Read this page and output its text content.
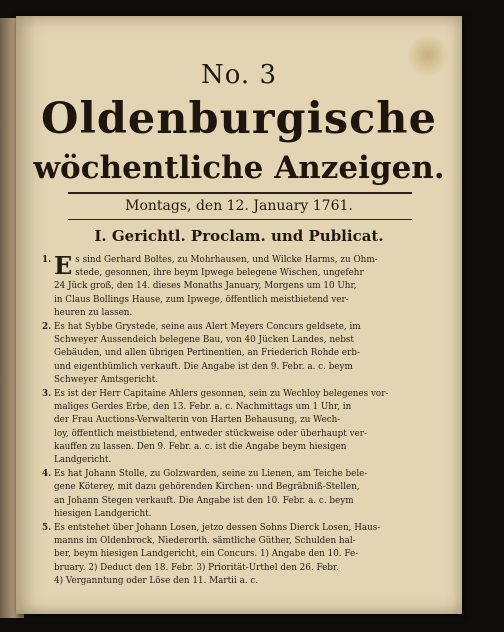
No. 3
Oldenburgische
wöchentliche Anzeigen.
Montags, den 12. January 1761.
I. Gerichtl. Proclam. und Publicat.
1. E s sind Gerhard Boltes, zu Mohrhausen, und Wilcke Harms, zu Ohm-
stede, gesonnen, ihre beym Ipwege belegene Wischen, ungefehr
24 Jück groß, den 14. dieses Monaths January, Morgens um 10 Uhr,
in Claus Bollings Hause, zum Ipwege, öffentlich meistbietend ver-
heuren zu lassen.
2. Es hat Sybbe Grystede, seine aus Alert Meyers Concurs geldsete, im
Schweyer Aussendeich belegene Bau, von 40 Jücken Landes, nebst
Gebäuden, und allen übrigen Pertinentien, an Friederich Rohde erb-
und eigenthümlich verkauft. Die Angabe ist den 9. Febr. a. c. beym
Schweyer Amtsgericht.
3. Es ist der Herr Capitaine Ahlers gesonnen, sein zu Wechloy belegenes vor-
maliges Gerdes Erbe, den 13. Febr. a. c. Nachmittags um 1 Uhr, in
der Frau Auctions-Verwalterin von Harten Behausung, zu Wech-
loy, öffentlich meistbietend, entweder stückweise oder überhaupt ver-
kauffen zu lassen. Den 9. Febr. a. c. ist die Angabe beym hiesigen
Landgericht.
4. Es hat Johann Stolle, zu Golzwarden, seine zu Lienen, am Teiche bele-
gene Köterey, mit dazu gehörenden Kirchen- und Begräbniß-Stellen,
an Johann Stegen verkauft. Die Angabe ist den 10. Febr. a. c. beym
hiesigen Landgericht.
5. Es entstehet über Johann Losen, jetzo dessen Sohns Dierck Losen, Haus-
manns im Oldenbrock, Niederorth. sämtliche Güther, Schulden hal-
ber, beym hiesigen Landgericht, ein Concurs. 1) Angabe den 10. Fe-
bruary. 2) Deduct den 18. Febr. 3) Priorität-Urthel den 26. Febr.
4) Verganntung oder Löse den 11. Martii a. c.
